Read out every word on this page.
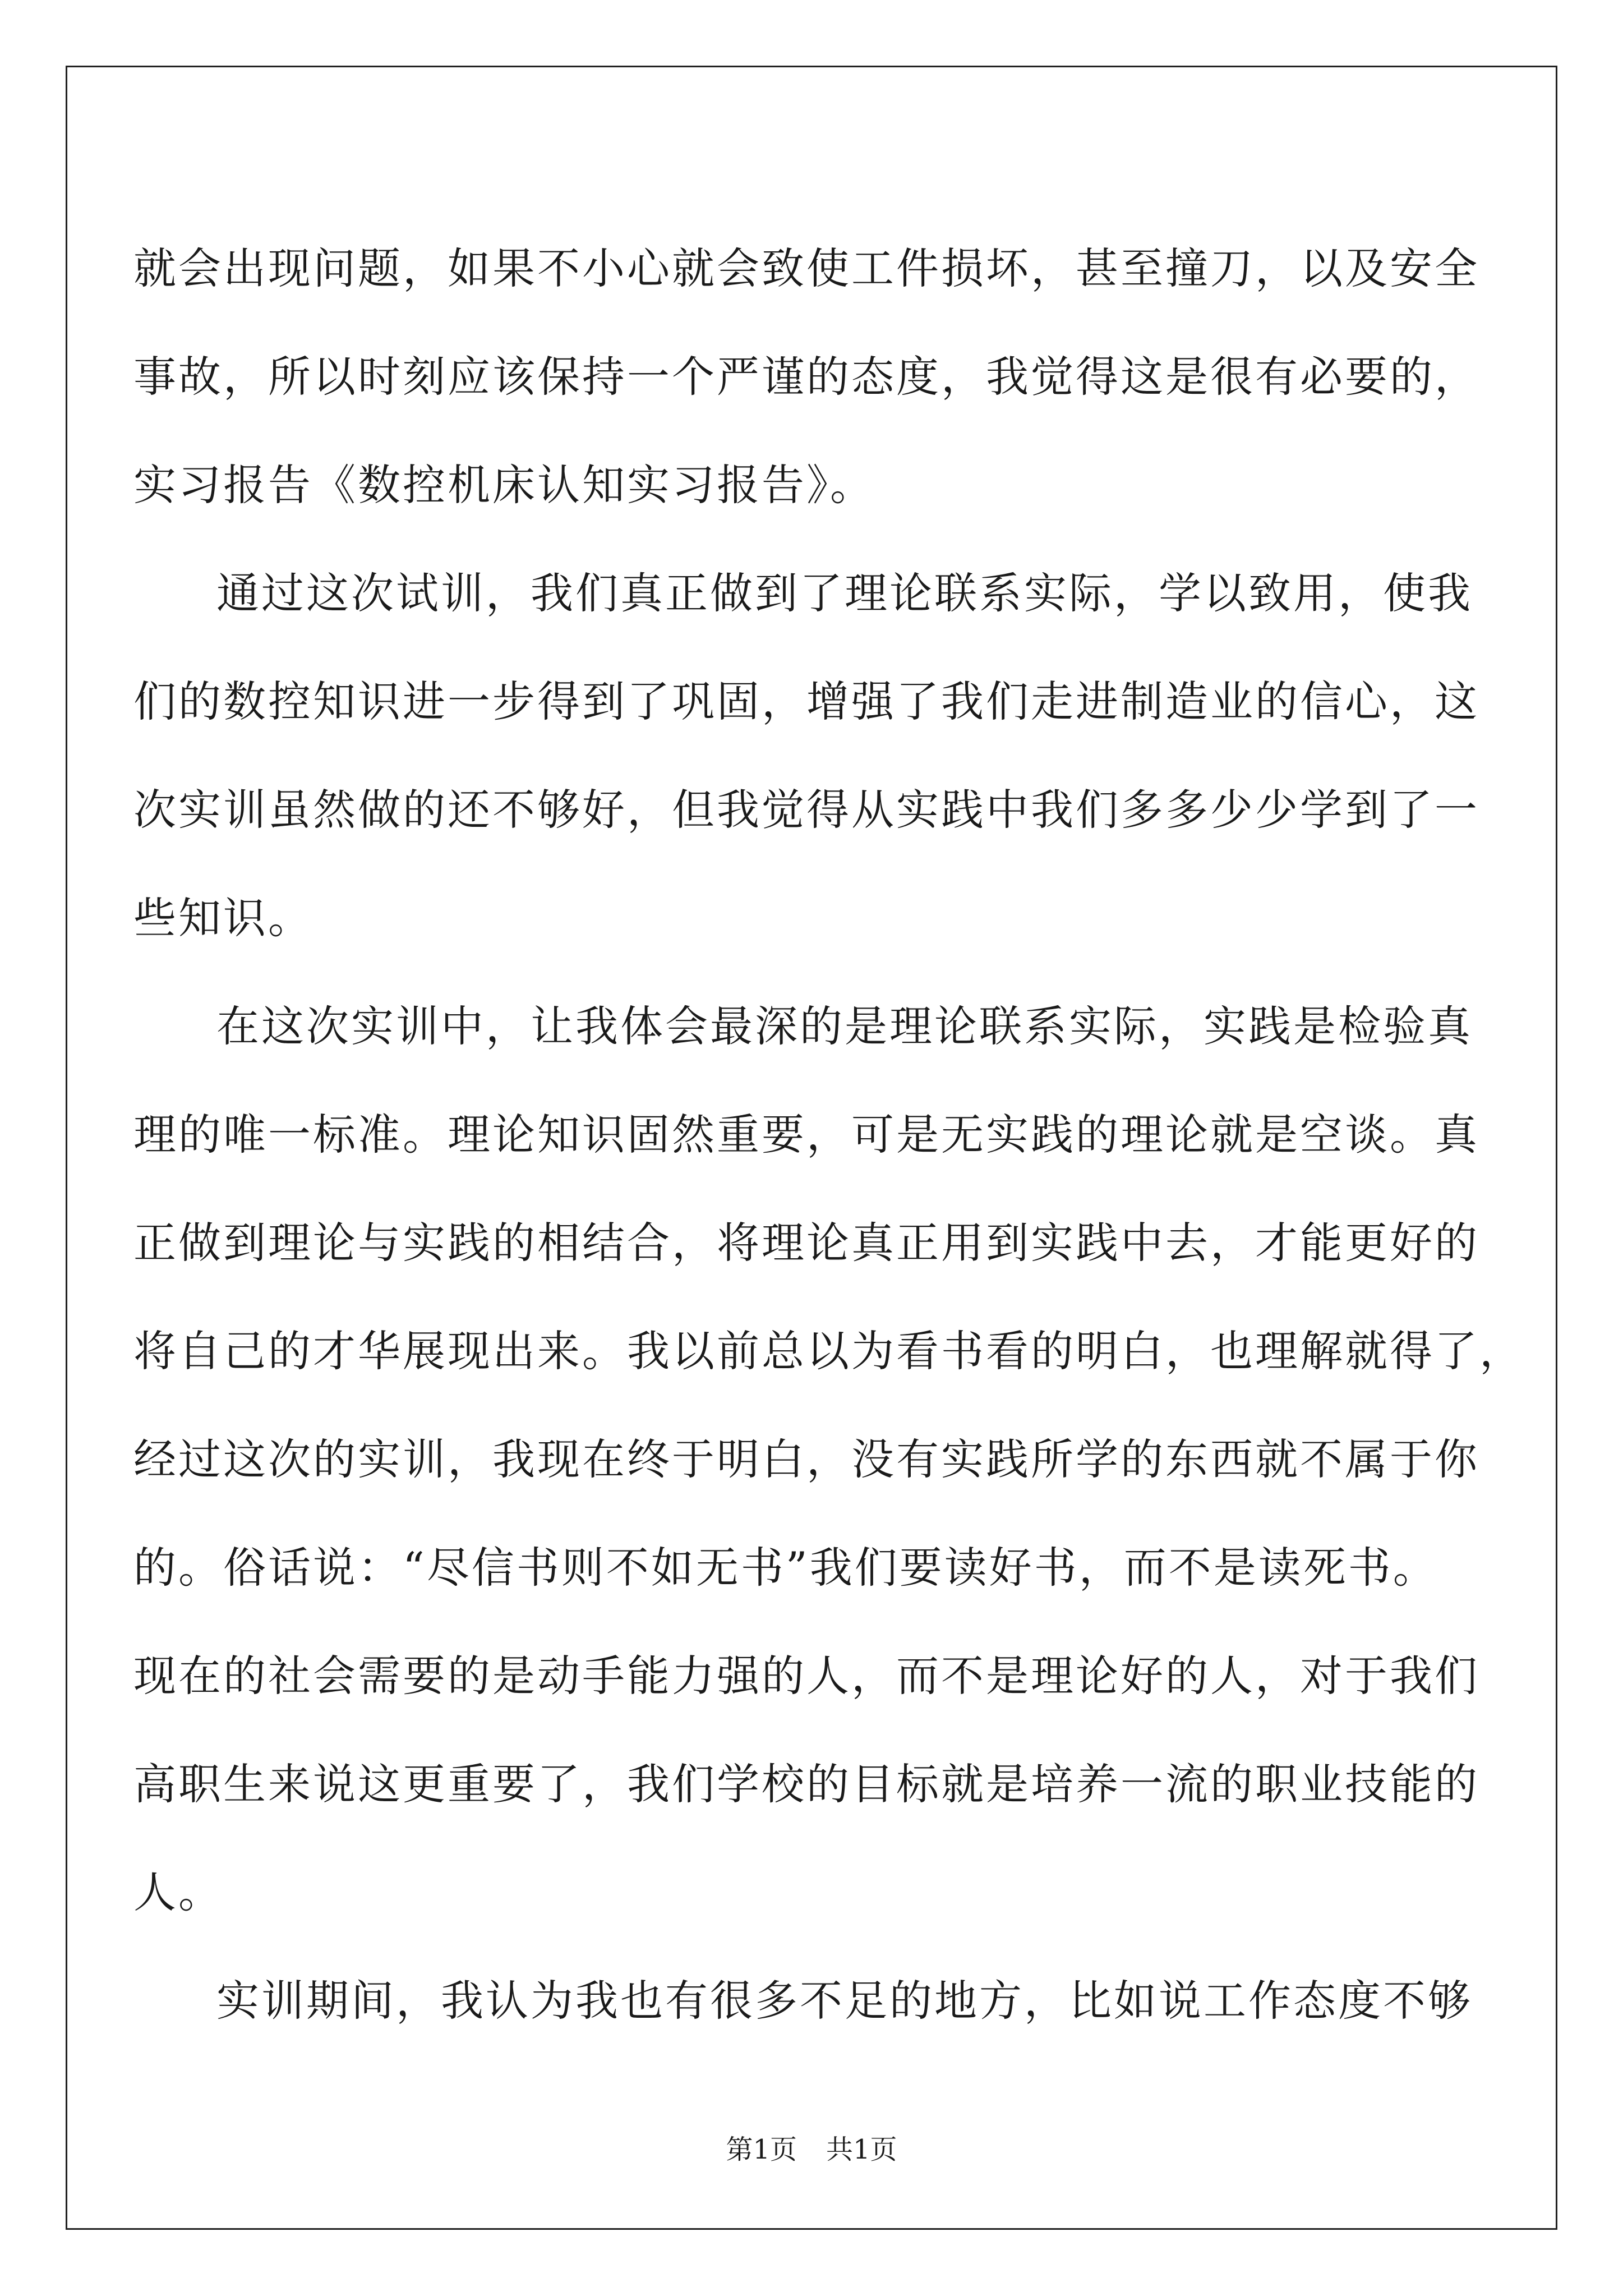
就会出现问题，如果不小心就会致使工件损坏，甚至撞刀，以及安全
事故，所以时刻应该保持一个严谨的态度，我觉得这是很有必要的，
实习报告《数控机床认知实习报告》。
通过这次试训，我们真正做到了理论联系实际，学以致用，使我
们的数控知识进一步得到了巩固，增强了我们走进制造业的信心，这
次实训虽然做的还不够好，但我觉得从实践中我们多多少少学到了一
些知识。
在这次实训中，让我体会最深的是理论联系实际，实践是检验真
理的唯一标准。理论知识固然重要，可是无实践的理论就是空谈。真
正做到理论与实践的相结合，将理论真正用到实践中去，才能更好的
将自己的才华展现出来。我以前总以为看书看的明白，也理解就得了，
经过这次的实训，我现在终于明白，没有实践所学的东西就不属于你
的。俗话说：“尽信书则不如无书”我们要读好书，而不是读死书。
现在的社会需要的是动手能力强的人，而不是理论好的人，对于我们
高职生来说这更重要了，我们学校的目标就是培养一流的职业技能的
人。
实训期间，我认为我也有很多不足的地方，比如说工作态度不够
第1页 共1页
